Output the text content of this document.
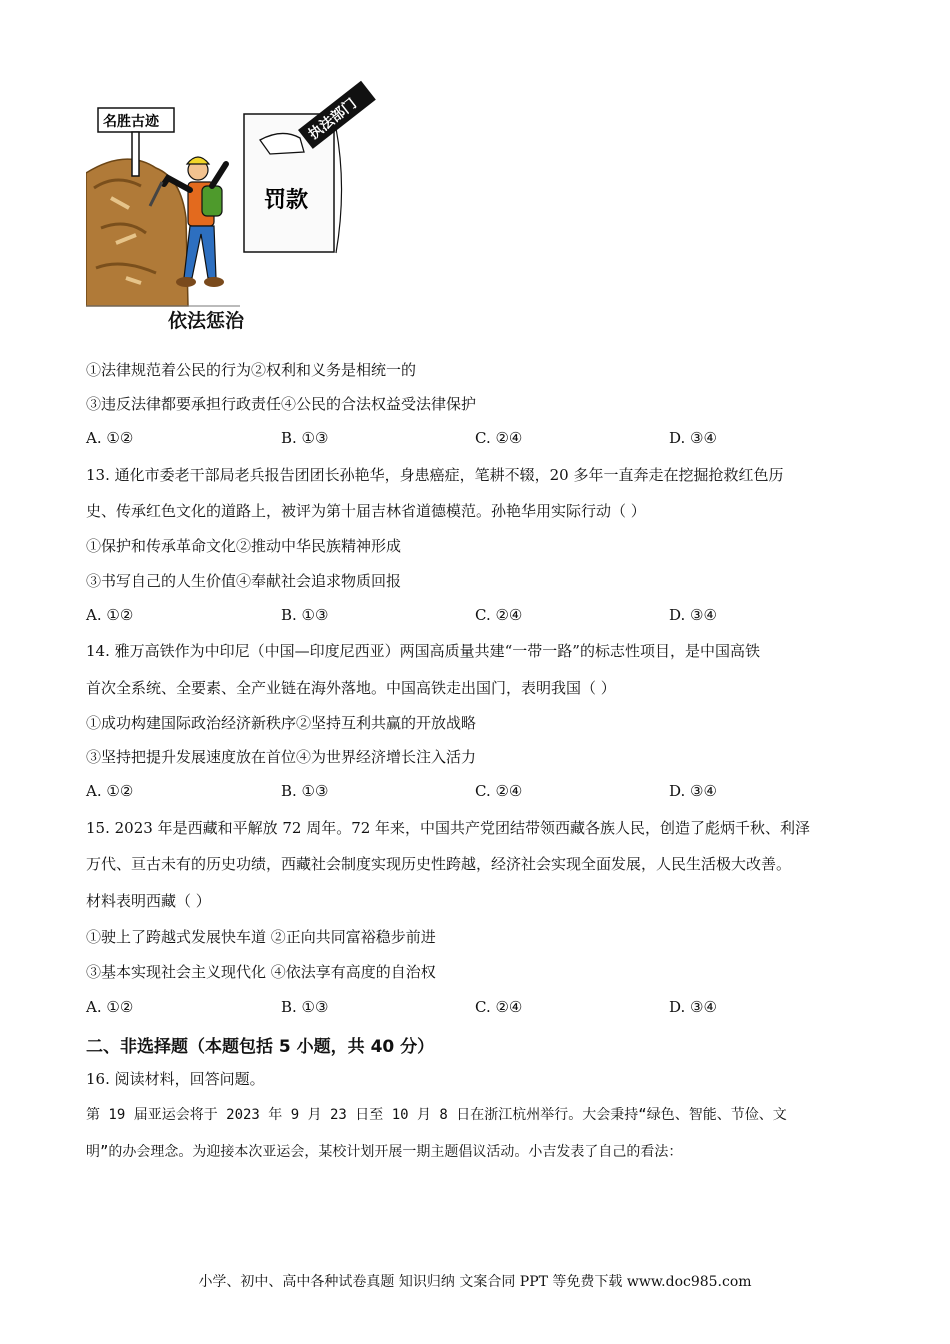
名胜古迹
罚款
执法部门
依法惩治
①法律规范着公民的行为②权利和义务是相统一的
③违反法律都要承担行政责任④公民的合法权益受法律保护
A. ①②	B. ①③	C. ②④	D. ③④
13. 通化市委老干部局老兵报告团团长孙艳华，身患癌症，笔耕不辍，20 多年一直奔走在挖掘抢救红色历
史、传承红色文化的道路上，被评为第十届吉林省道德模范。孙艳华用实际行动（ ）
①保护和传承革命文化②推动中华民族精神形成
③书写自己的人生价值④奉献社会追求物质回报
A. ①②	B. ①③	C. ②④	D. ③④
14. 雅万高铁作为中印尼（中国—印度尼西亚）两国高质量共建“一带一路”的标志性项目，是中国高铁
首次全系统、全要素、全产业链在海外落地。中国高铁走出国门，表明我国（ ）
①成功构建国际政治经济新秩序②坚持互利共赢的开放战略
③坚持把提升发展速度放在首位④为世界经济增长注入活力
A. ①②	B. ①③	C. ②④	D. ③④
15. 2023 年是西藏和平解放 72 周年。72 年来，中国共产党团结带领西藏各族人民，创造了彪炳千秋、利泽
万代、亘古未有的历史功绩，西藏社会制度实现历史性跨越，经济社会实现全面发展，人民生活极大改善。
材料表明西藏（ ）
①驶上了跨越式发展快车道 ②正向共同富裕稳步前进
③基本实现社会主义现代化 ④依法享有高度的自治权
A. ①②	B. ①③	C. ②④	D. ③④
二、非选择题（本题包括 5 小题，共 40 分）
16. 阅读材料，回答问题。
第 19 届亚运会将于 2023 年 9 月 23 日至 10 月 8 日在浙江杭州举行。大会秉持“绿色、智能、节俭、文
明”的办会理念。为迎接本次亚运会，某校计划开展一期主题倡议活动。小吉发表了自己的看法：
小学、初中、高中各种试卷真题 知识归纳 文案合同 PPT 等免费下载 www.doc985.com
